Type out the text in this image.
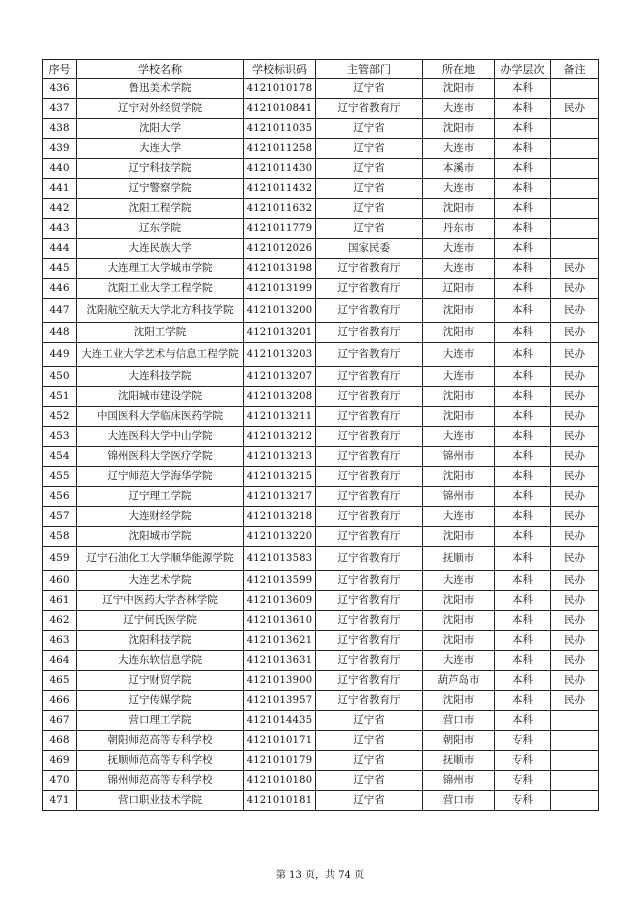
序号	学校名称	学校标识码	主管部门	所在地	办学层次	备注
436	鲁迅美术学院	4121010178	辽宁省	沈阳市	本科	
437	辽宁对外经贸学院	4121010841	辽宁省教育厅	大连市	本科	民办
438	沈阳大学	4121011035	辽宁省	沈阳市	本科	
439	大连大学	4121011258	辽宁省	大连市	本科	
440	辽宁科技学院	4121011430	辽宁省	本溪市	本科	
441	辽宁警察学院	4121011432	辽宁省	大连市	本科	
442	沈阳工程学院	4121011632	辽宁省	沈阳市	本科	
443	辽东学院	4121011779	辽宁省	丹东市	本科	
444	大连民族大学	4121012026	国家民委	大连市	本科	
445	大连理工大学城市学院	4121013198	辽宁省教育厅	大连市	本科	民办
446	沈阳工业大学工程学院	4121013199	辽宁省教育厅	辽阳市	本科	民办
447	沈阳航空航天大学北方科技学院	4121013200	辽宁省教育厅	沈阳市	本科	民办
448	沈阳工学院	4121013201	辽宁省教育厅	沈阳市	本科	民办
449	大连工业大学艺术与信息工程学院	4121013203	辽宁省教育厅	大连市	本科	民办
450	大连科技学院	4121013207	辽宁省教育厅	大连市	本科	民办
451	沈阳城市建设学院	4121013208	辽宁省教育厅	沈阳市	本科	民办
452	中国医科大学临床医药学院	4121013211	辽宁省教育厅	沈阳市	本科	民办
453	大连医科大学中山学院	4121013212	辽宁省教育厅	大连市	本科	民办
454	锦州医科大学医疗学院	4121013213	辽宁省教育厅	锦州市	本科	民办
455	辽宁师范大学海华学院	4121013215	辽宁省教育厅	沈阳市	本科	民办
456	辽宁理工学院	4121013217	辽宁省教育厅	锦州市	本科	民办
457	大连财经学院	4121013218	辽宁省教育厅	大连市	本科	民办
458	沈阳城市学院	4121013220	辽宁省教育厅	沈阳市	本科	民办
459	辽宁石油化工大学顺华能源学院	4121013583	辽宁省教育厅	抚顺市	本科	民办
460	大连艺术学院	4121013599	辽宁省教育厅	大连市	本科	民办
461	辽宁中医药大学杏林学院	4121013609	辽宁省教育厅	沈阳市	本科	民办
462	辽宁何氏医学院	4121013610	辽宁省教育厅	沈阳市	本科	民办
463	沈阳科技学院	4121013621	辽宁省教育厅	沈阳市	本科	民办
464	大连东软信息学院	4121013631	辽宁省教育厅	大连市	本科	民办
465	辽宁财贸学院	4121013900	辽宁省教育厅	葫芦岛市	本科	民办
466	辽宁传媒学院	4121013957	辽宁省教育厅	沈阳市	本科	民办
467	营口理工学院	4121014435	辽宁省	营口市	本科	
468	朝阳师范高等专科学校	4121010171	辽宁省	朝阳市	专科	
469	抚顺师范高等专科学校	4121010179	辽宁省	抚顺市	专科	
470	锦州师范高等专科学校	4121010180	辽宁省	锦州市	专科	
471	营口职业技术学院	4121010181	辽宁省	营口市	专科	
第 13 页，共 74 页
